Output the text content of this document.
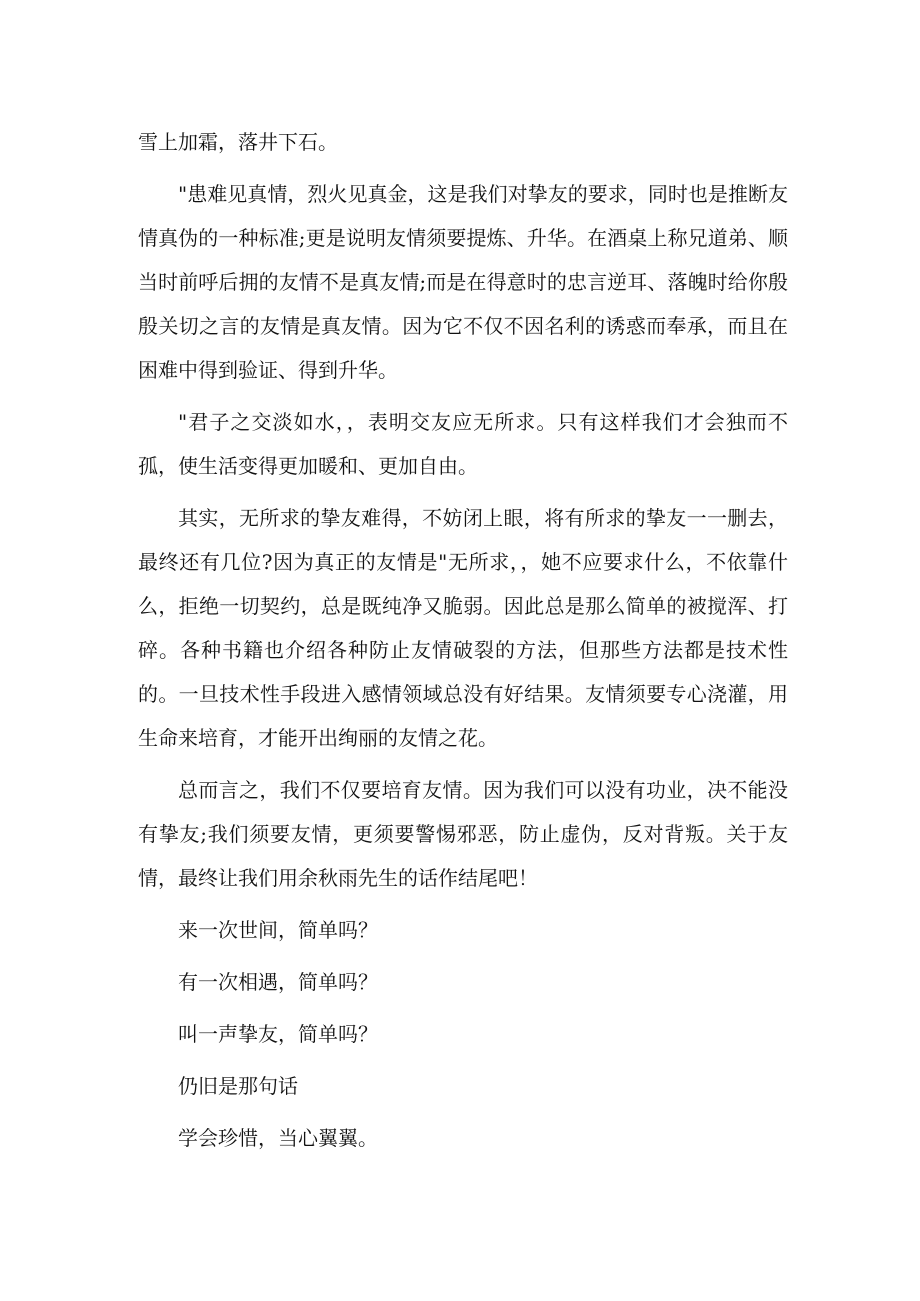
雪上加霜，落井下石。

"患难见真情，烈火见真金，这是我们对挚友的要求，同时也是推断友情真伪的一种标准;更是说明友情须要提炼、升华。在酒桌上称兄道弟、顺当时前呼后拥的友情不是真友情;而是在得意时的忠言逆耳、落魄时给你殷殷关切之言的友情是真友情。因为它不仅不因名利的诱惑而奉承，而且在困难中得到验证、得到升华。

"君子之交淡如水，，表明交友应无所求。只有这样我们才会独而不孤，使生活变得更加暖和、更加自由。

其实，无所求的挚友难得，不妨闭上眼，将有所求的挚友一一删去，最终还有几位?因为真正的友情是"无所求，，她不应要求什么，不依靠什么，拒绝一切契约，总是既纯净又脆弱。因此总是那么简单的被搅浑、打碎。各种书籍也介绍各种防止友情破裂的方法，但那些方法都是技术性的。一旦技术性手段进入感情领域总没有好结果。友情须要专心浇灌，用生命来培育，才能开出绚丽的友情之花。

总而言之，我们不仅要培育友情。因为我们可以没有功业，决不能没有挚友;我们须要友情，更须要警惕邪恶，防止虚伪，反对背叛。关于友情，最终让我们用余秋雨先生的话作结尾吧！

来一次世间，简单吗？

有一次相遇，简单吗？

叫一声挚友，简单吗？

仍旧是那句话

学会珍惜，当心翼翼。
